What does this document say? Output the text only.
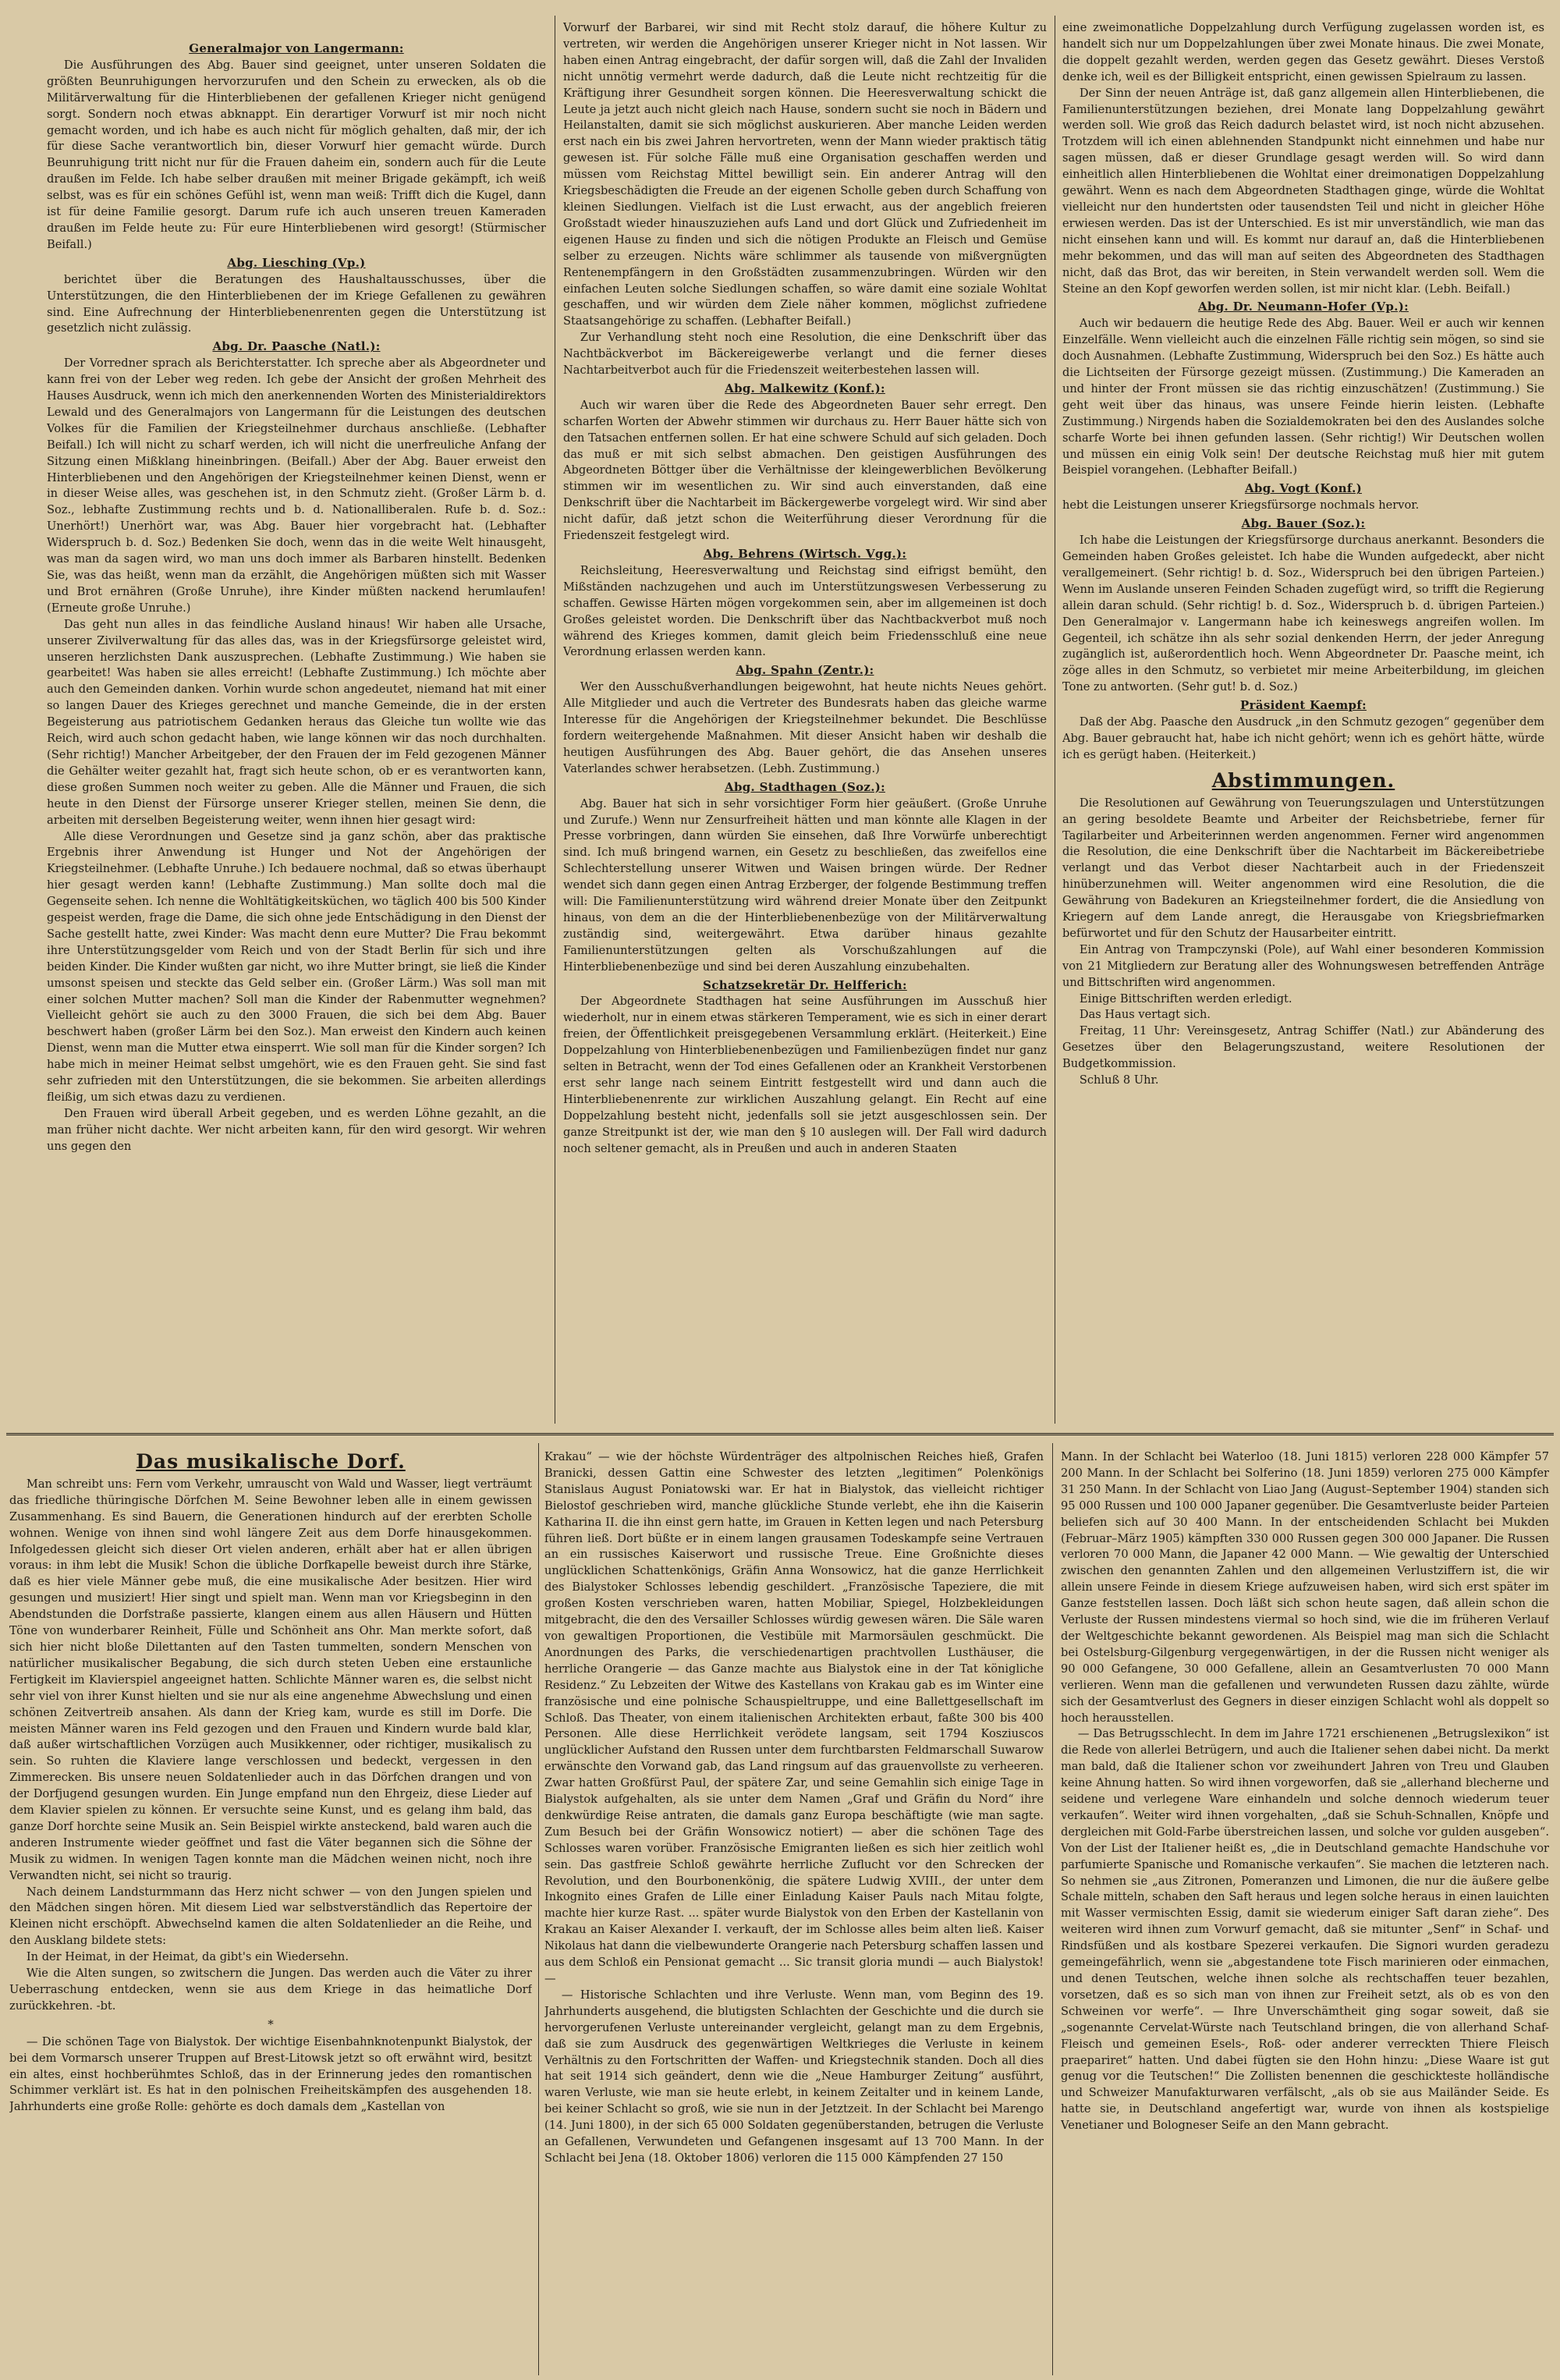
Generalmajor von Langermann:

Die Ausführungen des Abg. Bauer sind geeignet, unter unseren Soldaten die größten Beunruhigungen hervorzurufen und den Schein zu erwecken, als ob die Militärverwaltung für die Hinterbliebenen der gefallenen Krieger nicht genügend sorgt. Sondern noch etwas abknappt. Ein derartiger Vorwurf ist mir noch nicht gemacht worden, und ich habe es auch nicht für möglich gehalten, daß mir, der ich für diese Sache verantwortlich bin, dieser Vorwurf hier gemacht würde. Durch Beunruhigung tritt nicht nur für die Frauen daheim ein, sondern auch für die Leute draußen im Felde. Ich habe selber draußen mit meiner Brigade gekämpft, ich weiß selbst, was es für ein schönes Gefühl ist, wenn man weiß: Trifft dich die Kugel, dann ist für deine Familie gesorgt. Darum rufe ich auch unseren treuen Kameraden draußen im Felde heute zu: Für eure Hinterbliebenen wird gesorgt! (Stürmischer Beifall.)

Abg. Liesching (Vp.)

berichtet über die Beratungen des Haushaltausschusses, über die Unterstützungen, die den Hinterbliebenen der im Kriege Gefallenen zu gewähren sind. Eine Aufrechnung der Hinterbliebenenrenten gegen die Unterstützung ist gesetzlich nicht zulässig.

Abg. Dr. Paasche (Natl.):

Der Vorredner sprach als Berichterstatter. Ich spreche aber als Abgeordneter und kann frei von der Leber weg reden. Ich gebe der Ansicht der großen Mehrheit des Hauses Ausdruck, wenn ich mich den anerkennenden Worten des Ministerialdirektors Lewald und des Generalmajors von Langermann für die Leistungen des deutschen Volkes für die Familien der Kriegsteilnehmer durchaus anschließe. (Lebhafter Beifall.) Ich will nicht zu scharf werden, ich will nicht die unerfreuliche Anfang der Sitzung einen Mißklang hineinbringen. (Beifall.) Aber der Abg. Bauer erweist den Hinterbliebenen und den Angehörigen der Kriegsteilnehmer keinen Dienst, wenn er in dieser Weise alles, was geschehen ist, in den Schmutz zieht. (Großer Lärm b. d. Soz., lebhafte Zustimmung rechts und b. d. Nationalliberalen. Rufe b. d. Soz.: Unerhört!) Unerhört war, was Abg. Bauer hier vorgebracht hat. (Lebhafter Widerspruch b. d. Soz.) Bedenken Sie doch, wenn das in die weite Welt hinausgeht, was man da sagen wird, wo man uns doch immer als Barbaren hinstellt. Bedenken Sie, was das heißt, wenn man da erzählt, die Angehörigen müßten sich mit Wasser und Brot ernähren (Große Unruhe), ihre Kinder müßten nackend herumlaufen! (Erneute große Unruhe.)

Das geht nun alles in das feindliche Ausland hinaus! Wir haben alle Ursache, unserer Zivilverwaltung für das alles das, was in der Kriegsfürsorge geleistet wird, unseren herzlichsten Dank auszusprechen. (Lebhafte Zustimmung.) Wie haben sie gearbeitet! Was haben sie alles erreicht! (Lebhafte Zustimmung.) Ich möchte aber auch den Gemeinden danken. Vorhin wurde schon angedeutet, niemand hat mit einer so langen Dauer des Krieges gerechnet und manche Gemeinde, die in der ersten Begeisterung aus patriotischem Gedanken heraus das Gleiche tun wollte wie das Reich, wird auch schon gedacht haben, wie lange können wir das noch durchhalten. (Sehr richtig!) Mancher Arbeitgeber, der den Frauen der im Feld gezogenen Männer die Gehälter weiter gezahlt hat, fragt sich heute schon, ob er es verantworten kann, diese großen Summen noch weiter zu geben. Alle die Männer und Frauen, die sich heute in den Dienst der Fürsorge unserer Krieger stellen, meinen Sie denn, die arbeiten mit derselben Begeisterung weiter, wenn ihnen hier gesagt wird:

Alle diese Verordnungen und Gesetze sind ja ganz schön, aber das praktische Ergebnis ihrer Anwendung ist Hunger und Not der Angehörigen der Kriegsteilnehmer. (Lebhafte Unruhe.) Ich bedauere nochmal, daß so etwas überhaupt hier gesagt werden kann! (Lebhafte Zustimmung.) Man sollte doch mal die Gegenseite sehen. Ich nenne die Wohltätigkeitsküchen, wo täglich 400 bis 500 Kinder gespeist werden, frage die Dame, die sich ohne jede Entschädigung in den Dienst der Sache gestellt hatte, zwei Kinder: Was macht denn eure Mutter? Die Frau bekommt ihre Unterstützungsgelder vom Reich und von der Stadt Berlin für sich und ihre beiden Kinder. Die Kinder wußten gar nicht, wo ihre Mutter bringt, sie ließ die Kinder umsonst speisen und steckte das Geld selber ein. (Großer Lärm.) Was soll man mit einer solchen Mutter machen? Soll man die Kinder der Rabenmutter wegnehmen? Vielleicht gehört sie auch zu den 3000 Frauen, die sich bei dem Abg. Bauer beschwert haben (großer Lärm bei den Soz.). Man erweist den Kindern auch keinen Dienst, wenn man die Mutter etwa einsperrt. Wie soll man für die Kinder sorgen? Ich habe mich in meiner Heimat selbst umgehört, wie es den Frauen geht. Sie sind fast sehr zufrieden mit den Unterstützungen, die sie bekommen. Sie arbeiten allerdings fleißig, um sich etwas dazu zu verdienen.

Den Frauen wird überall Arbeit gegeben, und es werden Löhne gezahlt, an die man früher nicht dachte. Wer nicht arbeiten kann, für den wird gesorgt. Wir wehren uns gegen den

Vorwurf der Barbarei, wir sind mit Recht stolz darauf, die höhere Kultur zu vertreten, wir werden die Angehörigen unserer Krieger nicht in Not lassen. Wir haben einen Antrag eingebracht, der dafür sorgen will, daß die Zahl der Invaliden nicht unnötig vermehrt werde dadurch, daß die Leute nicht rechtzeitig für die Kräftigung ihrer Gesundheit sorgen können. Die Heeresverwaltung schickt die Leute ja jetzt auch nicht gleich nach Hause, sondern sucht sie noch in Bädern und Heilanstalten, damit sie sich möglichst auskurieren. Aber manche Leiden werden erst nach ein bis zwei Jahren hervortreten, wenn der Mann wieder praktisch tätig gewesen ist. Für solche Fälle muß eine Organisation geschaffen werden und müssen vom Reichstag Mittel bewilligt sein. Ein anderer Antrag will den Kriegsbeschädigten die Freude an der eigenen Scholle geben durch Schaffung von kleinen Siedlungen. Vielfach ist die Lust erwacht, aus der angeblich freieren Großstadt wieder hinauszuziehen aufs Land und dort Glück und Zufriedenheit im eigenen Hause zu finden und sich die nötigen Produkte an Fleisch und Gemüse selber zu erzeugen. Nichts wäre schlimmer als tausende von mißvergnügten Rentenempfängern in den Großstädten zusammenzubringen. Würden wir den einfachen Leuten solche Siedlungen schaffen, so wäre damit eine soziale Wohltat geschaffen, und wir würden dem Ziele näher kommen, möglichst zufriedene Staatsangehörige zu schaffen. (Lebhafter Beifall.)

Zur Verhandlung steht noch eine Resolution, die eine Denkschrift über das Nachtbäckverbot im Bäckereigewerbe verlangt und die ferner dieses Nachtarbeitverbot auch für die Friedenszeit weiterbestehen lassen will.

Abg. Malkewitz (Konf.):

Auch wir waren über die Rede des Abgeordneten Bauer sehr erregt. Den scharfen Worten der Abwehr stimmen wir durchaus zu. Herr Bauer hätte sich von den Tatsachen entfernen sollen. Er hat eine schwere Schuld auf sich geladen. Doch das muß er mit sich selbst abmachen. Den geistigen Ausführungen des Abgeordneten Böttger über die Verhältnisse der kleingewerblichen Bevölkerung stimmen wir im wesentlichen zu. Wir sind auch einverstanden, daß eine Denkschrift über die Nachtarbeit im Bäckergewerbe vorgelegt wird. Wir sind aber nicht dafür, daß jetzt schon die Weiterführung dieser Verordnung für die Friedenszeit festgelegt wird.

Abg. Behrens (Wirtsch. Vgg.):

Reichsleitung, Heeresverwaltung und Reichstag sind eifrigst bemüht, den Mißständen nachzugehen und auch im Unterstützungswesen Verbesserung zu schaffen. Gewisse Härten mögen vorgekommen sein, aber im allgemeinen ist doch Großes geleistet worden. Die Denkschrift über das Nachtbackverbot muß noch während des Krieges kommen, damit gleich beim Friedensschluß eine neue Verordnung erlassen werden kann.

Abg. Spahn (Zentr.):

Wer den Ausschußverhandlungen beigewohnt, hat heute nichts Neues gehört. Alle Mitglieder und auch die Vertreter des Bundesrats haben das gleiche warme Interesse für die Angehörigen der Kriegsteilnehmer bekundet. Die Beschlüsse fordern weitergehende Maßnahmen. Mit dieser Ansicht haben wir deshalb die heutigen Ausführungen des Abg. Bauer gehört, die das Ansehen unseres Vaterlandes schwer herabsetzen. (Lebh. Zustimmung.)

Abg. Stadthagen (Soz.):

Abg. Bauer hat sich in sehr vorsichtiger Form hier geäußert. (Große Unruhe und Zurufe.) Wenn nur Zensurfreiheit hätten und man könnte alle Klagen in der Presse vorbringen, dann würden Sie einsehen, daß Ihre Vorwürfe unberechtigt sind. Ich muß bringend warnen, ein Gesetz zu beschließen, das zweifellos eine Schlechterstellung unserer Witwen und Waisen bringen würde. Der Redner wendet sich dann gegen einen Antrag Erzberger, der folgende Bestimmung treffen will: Die Familienunterstützung wird während dreier Monate über den Zeitpunkt hinaus, von dem an die der Hinterbliebenenbezüge von der Militärverwaltung zuständig sind, weitergewährt. Etwa darüber hinaus gezahlte Familienunterstützungen gelten als Vorschußzahlungen auf die Hinterbliebenenbezüge und sind bei deren Auszahlung einzubehalten.

Schatzsekretär Dr. Helfferich:

Der Abgeordnete Stadthagen hat seine Ausführungen im Ausschuß hier wiederholt, nur in einem etwas stärkeren Temperament, wie es sich in einer derart freien, der Öffentlichkeit preisgegebenen Versammlung erklärt. (Heiterkeit.) Eine Doppelzahlung von Hinterbliebenenbezügen und Familienbezügen findet nur ganz selten in Betracht, wenn der Tod eines Gefallenen oder an Krankheit Verstorbenen erst sehr lange nach seinem Eintritt festgestellt wird und dann auch die Hinterbliebenenrente zur wirklichen Auszahlung gelangt. Ein Recht auf eine Doppelzahlung besteht nicht, jedenfalls soll sie jetzt ausgeschlossen sein. Der ganze Streitpunkt ist der, wie man den § 10 auslegen will. Der Fall wird dadurch noch seltener gemacht, als in Preußen und auch in anderen Staaten

eine zweimonatliche Doppelzahlung durch Verfügung zugelassen worden ist, es handelt sich nur um Doppelzahlungen über zwei Monate hinaus. Die zwei Monate, die doppelt gezahlt werden, werden gegen das Gesetz gewährt. Dieses Verstoß denke ich, weil es der Billigkeit entspricht, einen gewissen Spielraum zu lassen.

Der Sinn der neuen Anträge ist, daß ganz allgemein allen Hinterbliebenen, die Familienunterstützungen beziehen, drei Monate lang Doppelzahlung gewährt werden soll. Wie groß das Reich dadurch belastet wird, ist noch nicht abzusehen. Trotzdem will ich einen ablehnenden Standpunkt nicht einnehmen und habe nur sagen müssen, daß er dieser Grundlage gesagt werden will. So wird dann einheitlich allen Hinterbliebenen die Wohltat einer dreimonatigen Doppelzahlung gewährt. Wenn es nach dem Abgeordneten Stadthagen ginge, würde die Wohltat vielleicht nur den hundertsten oder tausendsten Teil und nicht in gleicher Höhe erwiesen werden. Das ist der Unterschied. Es ist mir unverständlich, wie man das nicht einsehen kann und will. Es kommt nur darauf an, daß die Hinterbliebenen mehr bekommen, und das will man auf seiten des Abgeordneten des Stadthagen nicht, daß das Brot, das wir bereiten, in Stein verwandelt werden soll. Wem die Steine an den Kopf geworfen werden sollen, ist mir nicht klar. (Lebh. Beifall.)

Abg. Dr. Neumann-Hofer (Vp.):

Auch wir bedauern die heutige Rede des Abg. Bauer. Weil er auch wir kennen Einzelfälle. Wenn vielleicht auch die einzelnen Fälle richtig sein mögen, so sind sie doch Ausnahmen. (Lebhafte Zustimmung, Widerspruch bei den Soz.) Es hätte auch die Lichtseiten der Fürsorge gezeigt müssen. (Zustimmung.) Die Kameraden an und hinter der Front müssen sie das richtig einzuschätzen! (Zustimmung.) Sie geht weit über das hinaus, was unsere Feinde hierin leisten. (Lebhafte Zustimmung.) Nirgends haben die Sozialdemokraten bei den des Auslandes solche scharfe Worte bei ihnen gefunden lassen. (Sehr richtig!) Wir Deutschen wollen und müssen ein einig Volk sein! Der deutsche Reichstag muß hier mit gutem Beispiel vorangehen. (Lebhafter Beifall.)

Abg. Vogt (Konf.)

hebt die Leistungen unserer Kriegsfürsorge nochmals hervor.

Abg. Bauer (Soz.):

Ich habe die Leistungen der Kriegsfürsorge durchaus anerkannt. Besonders die Gemeinden haben Großes geleistet. Ich habe die Wunden aufgedeckt, aber nicht verallgemeinert. (Sehr richtig! b. d. Soz., Widerspruch bei den übrigen Parteien.) Wenn im Auslande unseren Feinden Schaden zugefügt wird, so trifft die Regierung allein daran schuld. (Sehr richtig! b. d. Soz., Widerspruch b. d. übrigen Parteien.) Den Generalmajor v. Langermann habe ich keineswegs angreifen wollen. Im Gegenteil, ich schätze ihn als sehr sozial denkenden Herrn, der jeder Anregung zugänglich ist, außerordentlich hoch. Wenn Abgeordneter Dr. Paasche meint, ich zöge alles in den Schmutz, so verbietet mir meine Arbeiterbildung, im gleichen Tone zu antworten. (Sehr gut! b. d. Soz.)

Präsident Kaempf:

Daß der Abg. Paasche den Ausdruck „in den Schmutz gezogen“ gegenüber dem Abg. Bauer gebraucht hat, habe ich nicht gehört; wenn ich es gehört hätte, würde ich es gerügt haben. (Heiterkeit.)

Abstimmungen.

Die Resolutionen auf Gewährung von Teuerungszulagen und Unterstützungen an gering besoldete Beamte und Arbeiter der Reichsbetriebe, ferner für Tagilarbeiter und Arbeiterinnen werden angenommen. Ferner wird angenommen die Resolution, die eine Denkschrift über die Nachtarbeit im Bäckereibetriebe verlangt und das Verbot dieser Nachtarbeit auch in der Friedenszeit hinüberzunehmen will. Weiter angenommen wird eine Resolution, die die Gewährung von Badekuren an Kriegsteilnehmer fordert, die die Ansiedlung von Kriegern auf dem Lande anregt, die Herausgabe von Kriegsbriefmarken befürwortet und für den Schutz der Hausarbeiter eintritt.

Ein Antrag von Trampczynski (Pole), auf Wahl einer besonderen Kommission von 21 Mitgliedern zur Beratung aller des Wohnungswesen betreffenden Anträge und Bittschriften wird angenommen.

Einige Bittschriften werden erledigt.

Das Haus vertagt sich.

Freitag, 11 Uhr: Vereinsgesetz, Antrag Schiffer (Natl.) zur Abänderung des Gesetzes über den Belagerungszustand, weitere Resolutionen der Budgetkommission.

Schluß 8 Uhr.

Das musikalische Dorf.

Man schreibt uns: Fern vom Verkehr, umrauscht von Wald und Wasser, liegt verträumt das friedliche thüringische Dörfchen M. Seine Bewohner leben alle in einem gewissen Zusammenhang. Es sind Bauern, die Generationen hindurch auf der ererbten Scholle wohnen. Wenige von ihnen sind wohl längere Zeit aus dem Dorfe hinausgekommen. Infolgedessen gleicht sich dieser Ort vielen anderen, erhält aber hat er allen übrigen voraus: in ihm lebt die Musik! Schon die übliche Dorfkapelle beweist durch ihre Stärke, daß es hier viele Männer gebe muß, die eine musikalische Ader besitzen. Hier wird gesungen und musiziert! Hier singt und spielt man. Wenn man vor Kriegsbeginn in den Abendstunden die Dorfstraße passierte, klangen einem aus allen Häusern und Hütten Töne von wunderbarer Reinheit, Fülle und Schönheit ans Ohr. Man merkte sofort, daß sich hier nicht bloße Dilettanten auf den Tasten tummelten, sondern Menschen von natürlicher musikalischer Begabung, die sich durch steten Ueben eine erstaunliche Fertigkeit im Klavierspiel angeeignet hatten. Schlichte Männer waren es, die selbst nicht sehr viel von ihrer Kunst hielten und sie nur als eine angenehme Abwechslung und einen schönen Zeitvertreib ansahen. Als dann der Krieg kam, wurde es still im Dorfe. Die meisten Männer waren ins Feld gezogen und den Frauen und Kindern wurde bald klar, daß außer wirtschaftlichen Vorzügen auch Musikkenner, oder richtiger, musikalisch zu sein. So ruhten die Klaviere lange verschlossen und bedeckt, vergessen in den Zimmerecken. Bis unsere neuen Soldatenlieder auch in das Dörfchen drangen und von der Dorfjugend gesungen wurden. Ein Junge empfand nun den Ehrgeiz, diese Lieder auf dem Klavier spielen zu können. Er versuchte seine Kunst, und es gelang ihm bald, das ganze Dorf horchte seine Musik an. Sein Beispiel wirkte ansteckend, bald waren auch die anderen Instrumente wieder geöffnet und fast die Väter begannen sich die Söhne der Musik zu widmen. In wenigen Tagen konnte man die Mädchen weinen nicht, noch ihre Verwandten nicht, sei nicht so traurig.

Nach deinem Landsturmmann das Herz nicht schwer — von den Jungen spielen und den Mädchen singen hören. Mit diesem Lied war selbstverständlich das Repertoire der Kleinen nicht erschöpft. Abwechselnd kamen die alten Soldatenlieder an die Reihe, und den Ausklang bildete stets:

In der Heimat, in der Heimat, da gibt's ein Wiedersehn.

Wie die Alten sungen, so zwitschern die Jungen. Das werden auch die Väter zu ihrer Ueberraschung entdecken, wenn sie aus dem Kriege in das heimatliche Dorf zurückkehren. -bt.

*

— Die schönen Tage von Bialystok. Der wichtige Eisenbahnknotenpunkt Bialystok, der bei dem Vormarsch unserer Truppen auf Brest-Litowsk jetzt so oft erwähnt wird, besitzt ein altes, einst hochberühmtes Schloß, das in der Erinnerung jedes den romantischen Schimmer verklärt ist. Es hat in den polnischen Freiheitskämpfen des ausgehenden 18. Jahrhunderts eine große Rolle: gehörte es doch damals dem „Kastellan von

Krakau“ — wie der höchste Würdenträger des altpolnischen Reiches hieß, Grafen Branicki, dessen Gattin eine Schwester des letzten „legitimen“ Polenkönigs Stanislaus August Poniatowski war. Er hat in Bialystok, das vielleicht richtiger Bielostof geschrieben wird, manche glückliche Stunde verlebt, ehe ihn die Kaiserin Katharina II. die ihn einst gern hatte, im Grauen in Ketten legen und nach Petersburg führen ließ. Dort büßte er in einem langen grausamen Todeskampfe seine Vertrauen an ein russisches Kaiserwort und russische Treue. Eine Großnichte dieses unglücklichen Schattenkönigs, Gräfin Anna Wonsowicz, hat die ganze Herrlichkeit des Bialystoker Schlosses lebendig geschildert. „Französische Tapeziere, die mit großen Kosten verschrieben waren, hatten Mobiliar, Spiegel, Holzbekleidungen mitgebracht, die den des Versailler Schlosses würdig gewesen wären. Die Säle waren von gewaltigen Proportionen, die Vestibüle mit Marmorsäulen geschmückt. Die Anordnungen des Parks, die verschiedenartigen prachtvollen Lusthäuser, die herrliche Orangerie — das Ganze machte aus Bialystok eine in der Tat königliche Residenz.“ Zu Lebzeiten der Witwe des Kastellans von Krakau gab es im Winter eine französische und eine polnische Schauspieltruppe, und eine Ballettgesellschaft im Schloß. Das Theater, von einem italienischen Architekten erbaut, faßte 300 bis 400 Personen. Alle diese Herrlichkeit verödete langsam, seit 1794 Kosziuscos unglücklicher Aufstand den Russen unter dem furchtbarsten Feldmarschall Suwarow erwänschte den Vorwand gab, das Land ringsum auf das grauenvollste zu verheeren. Zwar hatten Großfürst Paul, der spätere Zar, und seine Gemahlin sich einige Tage in Bialystok aufgehalten, als sie unter dem Namen „Graf und Gräfin du Nord“ ihre denkwürdige Reise antraten, die damals ganz Europa beschäftigte (wie man sagte. Zum Besuch bei der Gräfin Wonsowicz notiert) — aber die schönen Tage des Schlosses waren vorüber. Französische Emigranten ließen es sich hier zeitlich wohl sein. Das gastfreie Schloß gewährte herrliche Zuflucht vor den Schrecken der Revolution, und den Bourbonenkönig, die spätere Ludwig XVIII., der unter dem Inkognito eines Grafen de Lille einer Einladung Kaiser Pauls nach Mitau folgte, machte hier kurze Rast. ... später wurde Bialystok von den Erben der Kastellanin von Krakau an Kaiser Alexander I. verkauft, der im Schlosse alles beim alten ließ. Kaiser Nikolaus hat dann die vielbewunderte Orangerie nach Petersburg schaffen lassen und aus dem Schloß ein Pensionat gemacht ... Sic transit gloria mundi — auch Bialystok! —

— Historische Schlachten und ihre Verluste. Wenn man, vom Beginn des 19. Jahrhunderts ausgehend, die blutigsten Schlachten der Geschichte und die durch sie hervorgerufenen Verluste untereinander vergleicht, gelangt man zu dem Ergebnis, daß sie zum Ausdruck des gegenwärtigen Weltkrieges die Verluste in keinem Verhältnis zu den Fortschritten der Waffen- und Kriegstechnik standen. Doch all dies hat seit 1914 sich geändert, denn wie die „Neue Hamburger Zeitung“ ausführt, waren Verluste, wie man sie heute erlebt, in keinem Zeitalter und in keinem Lande, bei keiner Schlacht so groß, wie sie nun in der Jetztzeit. In der Schlacht bei Marengo (14. Juni 1800), in der sich 65 000 Soldaten gegenüberstanden, betrugen die Verluste an Gefallenen, Verwundeten und Gefangenen insgesamt auf 13 700 Mann. In der Schlacht bei Jena (18. Oktober 1806) verloren die 115 000 Kämpfenden 27 150

Mann. In der Schlacht bei Waterloo (18. Juni 1815) verloren 228 000 Kämpfer 57 200 Mann. In der Schlacht bei Solferino (18. Juni 1859) verloren 275 000 Kämpfer 31 250 Mann. In der Schlacht von Liao Jang (August–September 1904) standen sich 95 000 Russen und 100 000 Japaner gegenüber. Die Gesamtverluste beider Parteien beliefen sich auf 30 400 Mann. In der entscheidenden Schlacht bei Mukden (Februar–März 1905) kämpften 330 000 Russen gegen 300 000 Japaner. Die Russen verloren 70 000 Mann, die Japaner 42 000 Mann. — Wie gewaltig der Unterschied zwischen den genannten Zahlen und den allgemeinen Verlustziffern ist, die wir allein unsere Feinde in diesem Kriege aufzuweisen haben, wird sich erst später im Ganze feststellen lassen. Doch läßt sich schon heute sagen, daß allein schon die Verluste der Russen mindestens viermal so hoch sind, wie die im früheren Verlauf der Weltgeschichte bekannt gewordenen. Als Beispiel mag man sich die Schlacht bei Ostelsburg-Gilgenburg vergegenwärtigen, in der die Russen nicht weniger als 90 000 Gefangene, 30 000 Gefallene, allein an Gesamtverlusten 70 000 Mann verlieren. Wenn man die gefallenen und verwundeten Russen dazu zählte, würde sich der Gesamtverlust des Gegners in dieser einzigen Schlacht wohl als doppelt so hoch herausstellen.

— Das Betrugsschlecht. In dem im Jahre 1721 erschienenen „Betrugslexikon“ ist die Rede von allerlei Betrügern, und auch die Italiener sehen dabei nicht. Da merkt man bald, daß die Italiener schon vor zweihundert Jahren von Treu und Glauben keine Ahnung hatten. So wird ihnen vorgeworfen, daß sie „allerhand blecherne und seidene und verlegene Ware einhandeln und solche dennoch wiederum teuer verkaufen“. Weiter wird ihnen vorgehalten, „daß sie Schuh-Schnallen, Knöpfe und dergleichen mit Gold-Farbe überstreichen lassen, und solche vor gulden ausgeben“. Von der List der Italiener heißt es, „die in Deutschland gemachte Handschuhe vor parfumierte Spanische und Romanische verkaufen“. Sie machen die letzteren nach. So nehmen sie „aus Zitronen, Pomeranzen und Limonen, die nur die äußere gelbe Schale mitteln, schaben den Saft heraus und legen solche heraus in einen lauichten mit Wasser vermischten Essig, damit sie wiederum einiger Saft daran ziehe“. Des weiteren wird ihnen zum Vorwurf gemacht, daß sie mitunter „Senf“ in Schaf- und Rindsfüßen und als kostbare Spezerei verkaufen. Die Signori wurden geradezu gemeingefährlich, wenn sie „abgestandene tote Fisch marinieren oder einmachen, und denen Teutschen, welche ihnen solche als rechtschaffen teuer bezahlen, vorsetzen, daß es so sich man von ihnen zur Freiheit setzt, als ob es von den Schweinen vor werfe“. — Ihre Unverschämtheit ging sogar soweit, daß sie „sogenannte Cervelat-Würste nach Teutschland bringen, die von allerhand Schaf-Fleisch und gemeinen Esels-, Roß- oder anderer verreckten Thiere Fleisch praepariret“ hatten. Und dabei fügten sie den Hohn hinzu: „Diese Waare ist gut genug vor die Teutschen!“ Die Zollisten benennen die geschickteste holländische und Schweizer Manufakturwaren verfälscht, „als ob sie aus Mailänder Seide. Es hatte sie, in Deutschland angefertigt war, wurde von ihnen als kostspielige Venetianer und Bologneser Seife an den Mann gebracht.
